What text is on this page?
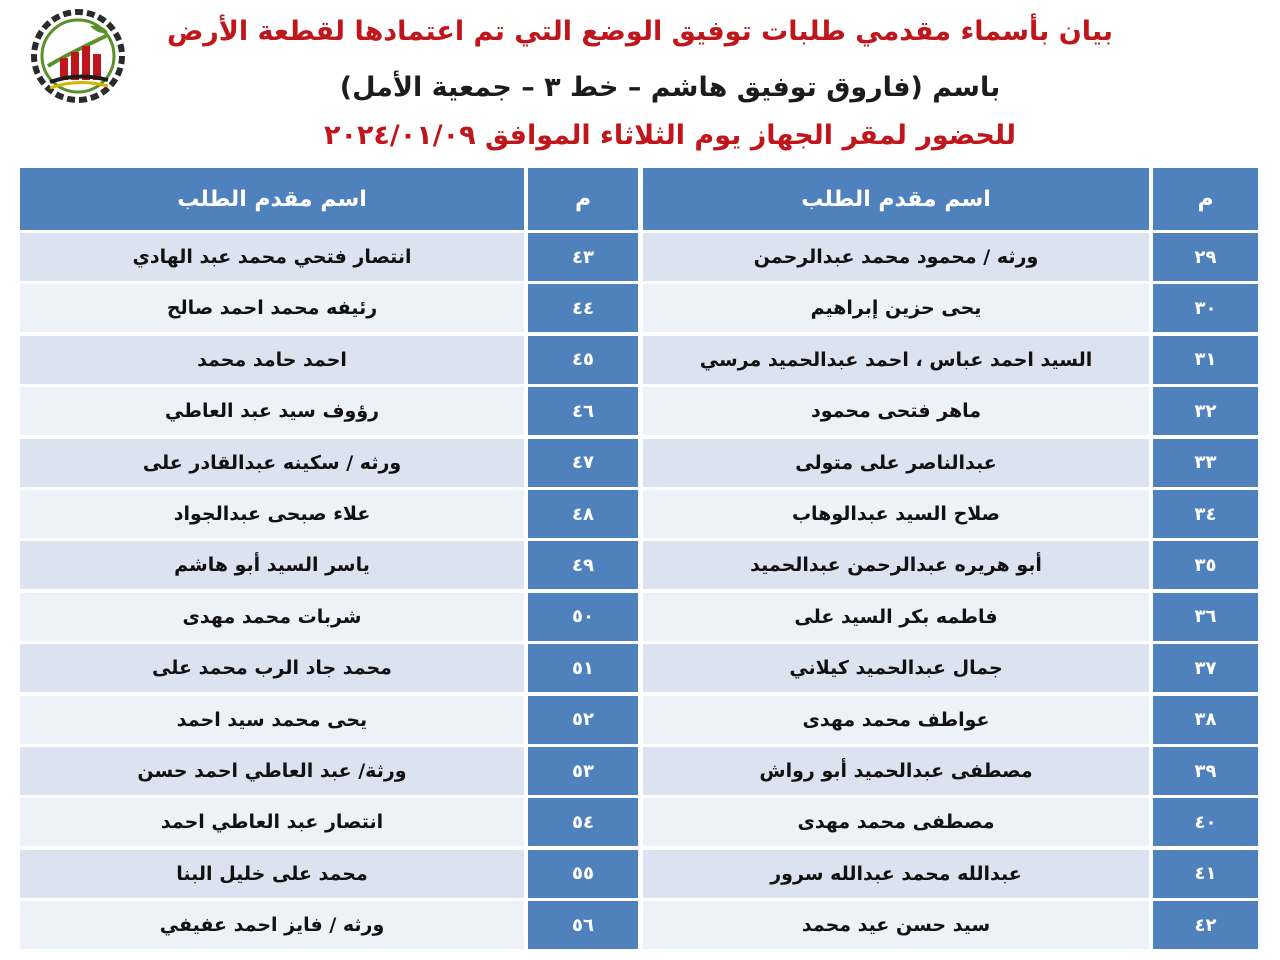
بيان بأسماء مقدمي طلبات توفيق الوضع التي تم اعتمادها لقطعة الأرض
باسم (فاروق توفيق هاشم – خط ٣ – جمعية الأمل)
للحضور لمقر الجهاز يوم الثلاثاء الموافق ٢٠٢٤/٠١/٠٩
اسم مقدم الطلب	م	اسم مقدم الطلب	م
انتصار فتحي محمد عبد الهادي	٤٣	ورثه / محمود محمد عبدالرحمن	٢٩
رئيفه محمد احمد صالح	٤٤	يحى حزين إبراهيم	٣٠
احمد حامد محمد	٤٥	السيد احمد عباس ، احمد عبدالحميد مرسي	٣١
رؤوف سيد عبد العاطي	٤٦	ماهر فتحى محمود	٣٢
ورثه / سكينه عبدالقادر على	٤٧	عبدالناصر على متولى	٣٣
علاء صبحى عبدالجواد	٤٨	صلاح السيد عبدالوهاب	٣٤
ياسر السيد أبو هاشم	٤٩	أبو هريره عبدالرحمن عبدالحميد	٣٥
شربات محمد مهدى	٥٠	فاطمه بكر السيد على	٣٦
محمد جاد الرب محمد على	٥١	جمال عبدالحميد كيلاني	٣٧
يحى محمد سيد احمد	٥٢	عواطف محمد مهدى	٣٨
ورثة/ عبد العاطي احمد حسن	٥٣	مصطفى عبدالحميد أبو رواش	٣٩
انتصار عبد العاطي احمد	٥٤	مصطفى محمد مهدى	٤٠
محمد على خليل البنا	٥٥	عبدالله محمد عبدالله سرور	٤١
ورثه / فايز احمد عفيفي	٥٦	سيد حسن عيد محمد	٤٢
